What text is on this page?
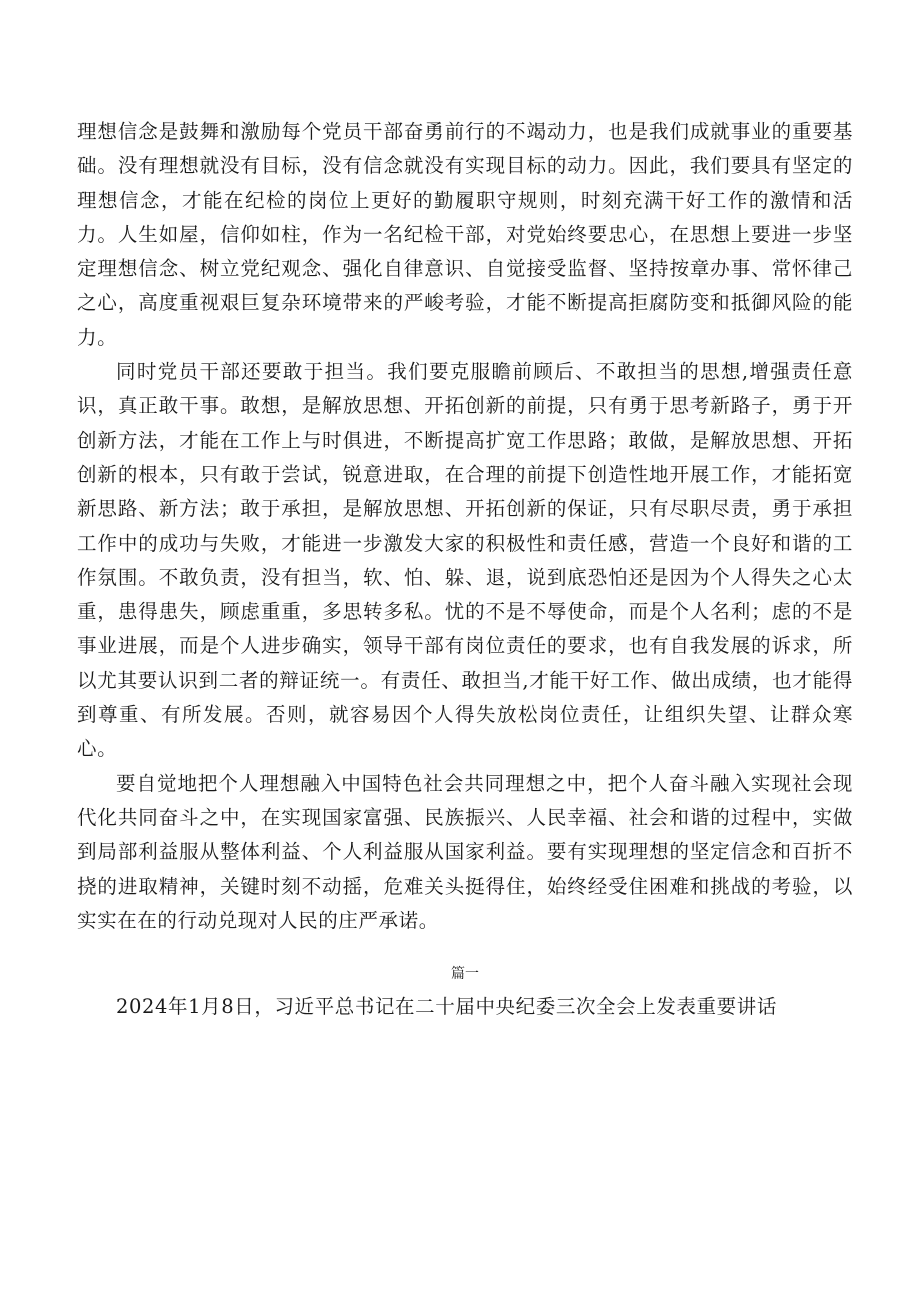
理想信念是鼓舞和激励每个党员干部奋勇前行的不竭动力，也是我们成就事业的重要基础。没有理想就没有目标，没有信念就没有实现目标的动力。因此，我们要具有坚定的理想信念，才能在纪检的岗位上更好的勤履职守规则，时刻充满干好工作的激情和活力。人生如屋，信仰如柱，作为一名纪检干部，对党始终要忠心，在思想上要进一步坚定理想信念、树立党纪观念、强化自律意识、自觉接受监督、坚持按章办事、常怀律己之心，高度重视艰巨复杂环境带来的严峻考验，才能不断提高拒腐防变和抵御风险的能力。

同时党员干部还要敢于担当。我们要克服瞻前顾后、不敢担当的思想,增强责任意识，真正敢干事。敢想，是解放思想、开拓创新的前提，只有勇于思考新路子，勇于开创新方法，才能在工作上与时俱进，不断提高扩宽工作思路；敢做，是解放思想、开拓创新的根本，只有敢于尝试，锐意进取，在合理的前提下创造性地开展工作，才能拓宽新思路、新方法；敢于承担，是解放思想、开拓创新的保证，只有尽职尽责，勇于承担工作中的成功与失败，才能进一步激发大家的积极性和责任感，营造一个良好和谐的工作氛围。不敢负责，没有担当，软、怕、躲、退，说到底恐怕还是因为个人得失之心太重，患得患失，顾虑重重，多思转多私。忧的不是不辱使命，而是个人名利；虑的不是事业进展，而是个人进步确实，领导干部有岗位责任的要求，也有自我发展的诉求，所以尤其要认识到二者的辩证统一。有责任、敢担当,才能干好工作、做出成绩，也才能得到尊重、有所发展。否则，就容易因个人得失放松岗位责任，让组织失望、让群众寒心。

要自觉地把个人理想融入中国特色社会共同理想之中，把个人奋斗融入实现社会现代化共同奋斗之中，在实现国家富强、民族振兴、人民幸福、社会和谐的过程中，实做到局部利益服从整体利益、个人利益服从国家利益。要有实现理想的坚定信念和百折不挠的进取精神，关键时刻不动摇，危难关头挺得住，始终经受住困难和挑战的考验，以实实在在的行动兑现对人民的庄严承诺。

篇一

2024年1月8日，习近平总书记在二十届中央纪委三次全会上发表重要讲话
